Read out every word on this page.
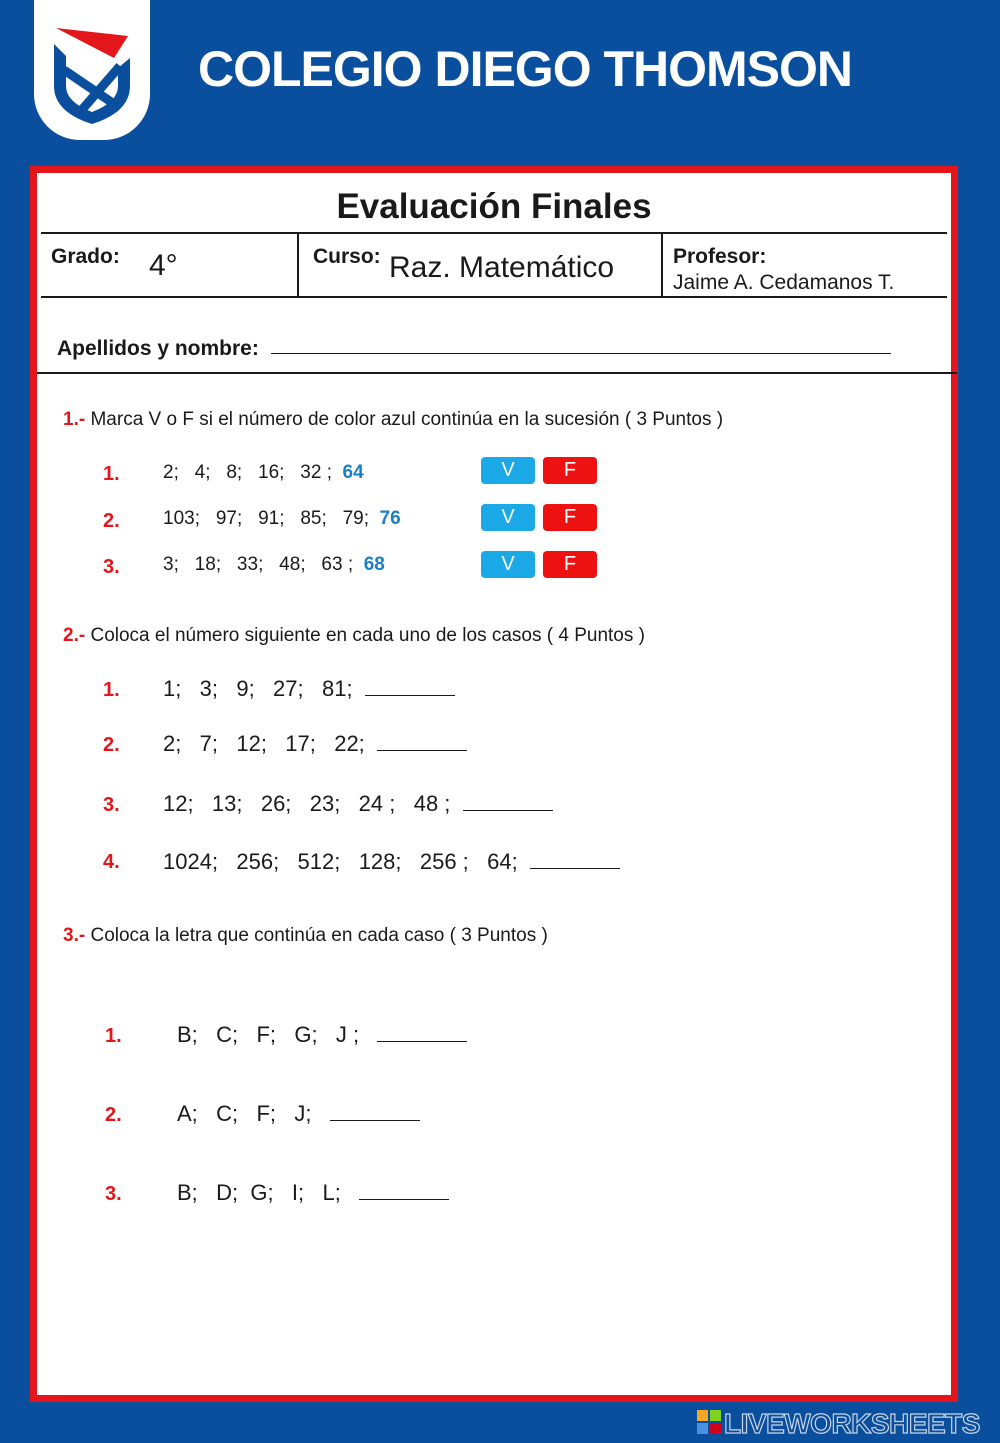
COLEGIO DIEGO THOMSON
Evaluación Finales
Grado: 4°	Curso: Raz. Matemático	Profesor:
Jaime A. Cedamanos T.
Apellidos y nombre:
1.- Marca V o F si el número de color azul continúa en la sucesión ( 3 Puntos )
1. 2;   4;   8;   16;   32 ;  64	V	F
2. 103;   97;   91;   85;   79;  76	V	F
3. 3;   18;   33;   48;   63 ;  68	V	F
2.- Coloca el número siguiente en cada uno de los casos ( 4 Puntos )
1. 1;   3;   9;   27;   81;
2. 2;   7;   12;   17;   22;
3. 12;   13;   26;   23;   24 ;   48 ;
4. 1024;   256;   512;   128;   256 ;   64;
3.- Coloca la letra que continúa en cada caso ( 3 Puntos )
1.	B;   C;   F;   G;   J ;
2.	A;   C;   F;   J;
3.	B;   D;  G;   I;   L;
LIVEWORKSHEETS
